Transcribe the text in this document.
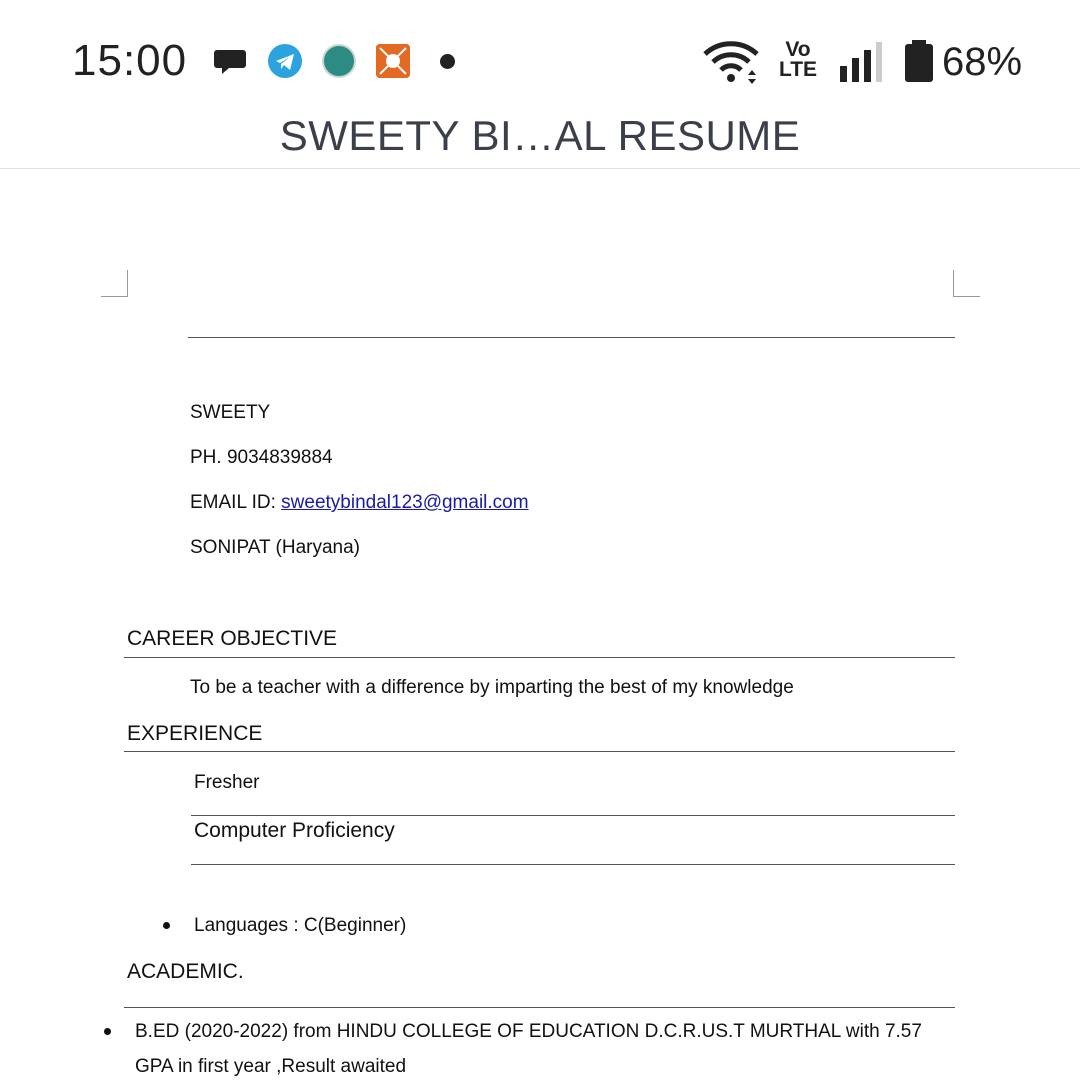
15:00	Vo
LTE	68%
SWEETY BI…AL RESUME
SWEETY
PH. 9034839884
EMAIL ID: sweetybindal123@gmail.com
SONIPAT (Haryana)
CAREER OBJECTIVE
To be a teacher with a difference by imparting the best of my knowledge
EXPERIENCE
Fresher
Computer Proficiency
Languages : C(Beginner)
ACADEMIC.
B.ED (2020-2022) from HINDU COLLEGE OF EDUCATION D.C.R.US.T MURTHAL with 7.57
GPA in first year ,Result awaited
